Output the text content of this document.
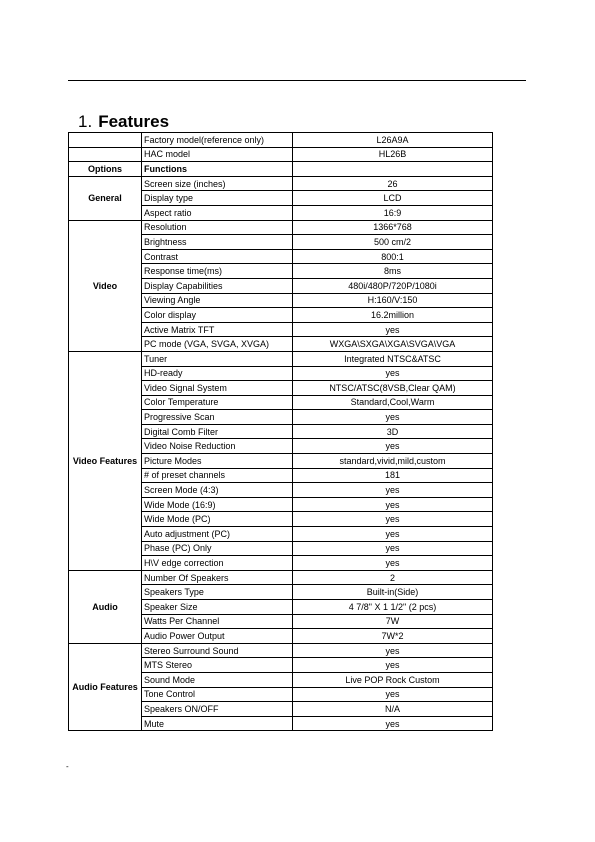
1. Features
	Factory model(reference only)	L26A9A
	HAC model	HL26B
Options	Functions	
General	Screen size (inches)	26
	Display type	LCD
	Aspect ratio	16:9
Video	Resolution	1366*768
	Brightness	500 cm/2
	Contrast	800:1
	Response time(ms)	8ms
	Display Capabilities	480i/480P/720P/1080i
	Viewing Angle	H:160/V:150
	Color display	16.2million
	Active Matrix TFT	yes
	PC mode (VGA, SVGA, XVGA)	WXGA\SXGA\XGA\SVGA\VGA
Video Features	Tuner	Integrated NTSC&ATSC
	HD-ready	yes
	Video Signal System	NTSC/ATSC(8VSB,Clear QAM)
	Color Temperature	Standard,Cool,Warm
	Progressive Scan	yes
	Digital Comb Filter	3D
	Video Noise Reduction	yes
	Picture Modes	standard,vivid,mild,custom
	# of preset channels	181
	Screen Mode (4:3)	yes
	Wide Mode (16:9)	yes
	Wide Mode (PC)	yes
	Auto adjustment (PC)	yes
	Phase (PC) Only	yes
	H\V edge correction	yes
Audio	Number Of Speakers	2
	Speakers Type	Built-in(Side)
	Speaker Size	4 7/8" X 1 1/2" (2 pcs)
	Watts Per Channel	7W
	Audio Power Output	7W*2
Audio Features	Stereo Surround Sound	yes
	MTS Stereo	yes
	Sound Mode	Live POP Rock Custom
	Tone Control	yes
	Speakers ON/OFF	N/A
	Mute	yes
-
